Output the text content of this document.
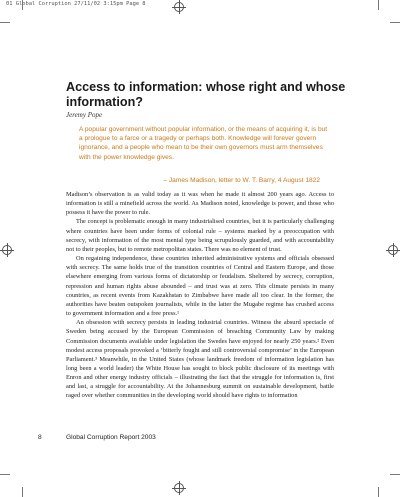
01 Global Corruption 27/11/02 3:15pm Page 8
Access to information: whose right and whose information?
Jeremy Pope

A popular government without popular information, or the means of acquiring it, is but a prologue to a farce or a tragedy or perhaps both. Knowledge will forever govern ignorance, and a people who mean to be their own governors must arm themselves with the power knowledge gives.

– James Madison, letter to W. T. Barry, 4 August 1822

Madison’s observation is as valid today as it was when he made it almost 200 years ago. Access to information is still a minefield across the world. As Madison noted, knowledge is power, and those who possess it have the power to rule.

The concept is problematic enough in many industrialised countries, but it is particularly challenging where countries have been under forms of colonial rule – systems marked by a preoccupation with secrecy, with information of the most menial type being scrupulously guarded, and with accountability not to their peoples, but to remote metropolitan states. There was no element of trust.

On regaining independence, these countries inherited administrative systems and officials obsessed with secrecy. The same holds true of the transition countries of Central and Eastern Europe, and those elsewhere emerging from various forms of dictatorship or feudalism. Sheltered by secrecy, corruption, repression and human rights abuse abounded – and trust was at zero. This climate persists in many countries, as recent events from Kazakhstan to Zimbabwe have made all too clear. In the former, the authorities have beaten outspoken journalists, while in the latter the Mugabe regime has crushed access to government information and a free press.¹

An obsession with secrecy persists in leading industrial countries. Witness the absurd spectacle of Sweden being accused by the European Commission of breaching Community Law by making Commission documents available under legislation the Swedes have enjoyed for nearly 250 years.² Even modest access proposals provoked a ‘bitterly fought and still controversial compromise’ in the European Parliament.³ Meanwhile, in the United States (whose landmark freedom of information legislation has long been a world leader) the White House has sought to block public disclosure of its meetings with Enron and other energy industry officials – illustrating the fact that the struggle for information is, first and last, a struggle for accountability. At the Johannesburg summit on sustainable development, battle raged over whether communities in the developing world should have rights to information

8	Global Corruption Report 2003
